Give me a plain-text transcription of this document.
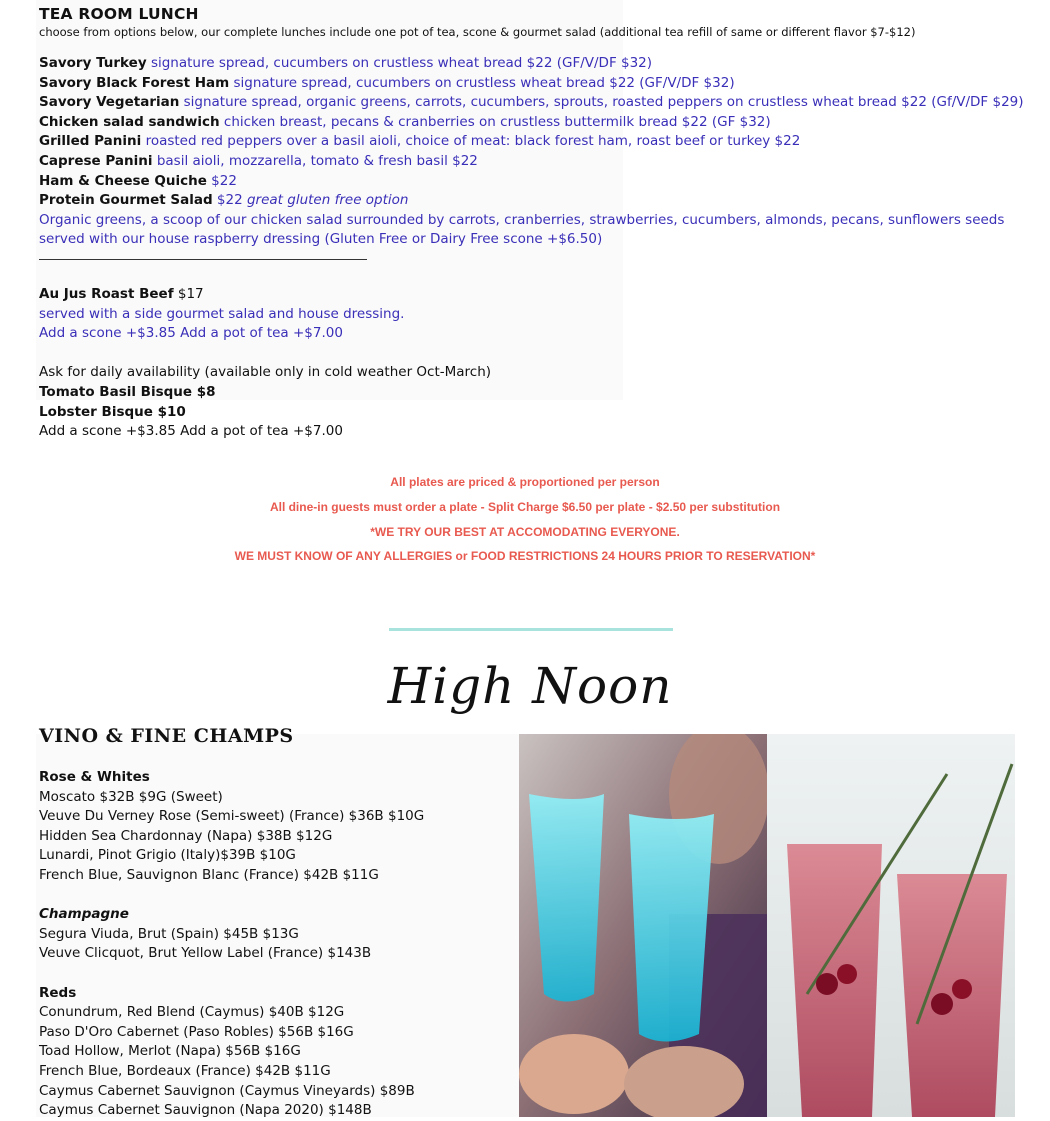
TEA ROOM LUNCH

choose from options below, our complete lunches include one pot of tea, scone & gourmet salad (additional tea refill of same or different flavor $7-$12)

Savory Turkey signature spread, cucumbers on crustless wheat bread $22 (GF/V/DF $32)
Savory Black Forest Ham signature spread, cucumbers on crustless wheat bread $22 (GF/V/DF $32)
Savory Vegetarian signature spread, organic greens, carrots, cucumbers, sprouts, roasted peppers on crustless wheat bread $22 (Gf/V/DF $29)
Chicken salad sandwich chicken breast, pecans & cranberries on crustless buttermilk bread $22 (GF $32)
Grilled Panini roasted red peppers over a basil aioli, choice of meat: black forest ham, roast beef or turkey $22
Caprese Panini basil aioli, mozzarella, tomato & fresh basil $22
Ham & Cheese Quiche $22
Protein Gourmet Salad $22 great gluten free option
Organic greens, a scoop of our chicken salad surrounded by carrots, cranberries, strawberries, cucumbers, almonds, pecans, sunflowers seeds
served with our house raspberry dressing (Gluten Free or Dairy Free scone +$6.50)
Au Jus Roast Beef $17
served with a side gourmet salad and house dressing.
Add a scone +$3.85 Add a pot of tea +$7.00
Ask for daily availability (available only in cold weather Oct-March)
Tomato Basil Bisque $8
Lobster Bisque $10
Add a scone +$3.85 Add a pot of tea +$7.00
All plates are priced & proportioned per person
All dine-in guests must order a plate - Split Charge $6.50 per plate - $2.50 per substitution
*WE TRY OUR BEST AT ACCOMODATING EVERYONE.
WE MUST KNOW OF ANY ALLERGIES or FOOD RESTRICTIONS 24 HOURS PRIOR TO RESERVATION*
High Noon
VINO & FINE CHAMPS
Rose & Whites
Moscato $32B $9G (Sweet)
Veuve Du Verney Rose (Semi-sweet) (France) $36B $10G
Hidden Sea Chardonnay (Napa) $38B $12G
Lunardi, Pinot Grigio (Italy)$39B $10G
French Blue, Sauvignon Blanc (France) $42B $11G
Champagne
Segura Viuda, Brut (Spain) $45B $13G
Veuve Clicquot, Brut Yellow Label (France) $143B
Reds
Conundrum, Red Blend (Caymus) $40B $12G
Paso D'Oro Cabernet (Paso Robles) $56B $16G
Toad Hollow, Merlot (Napa) $56B $16G
French Blue, Bordeaux (France) $42B $11G
Caymus Cabernet Sauvignon (Caymus Vineyards) $89B
Caymus Cabernet Sauvignon (Napa 2020) $148B
